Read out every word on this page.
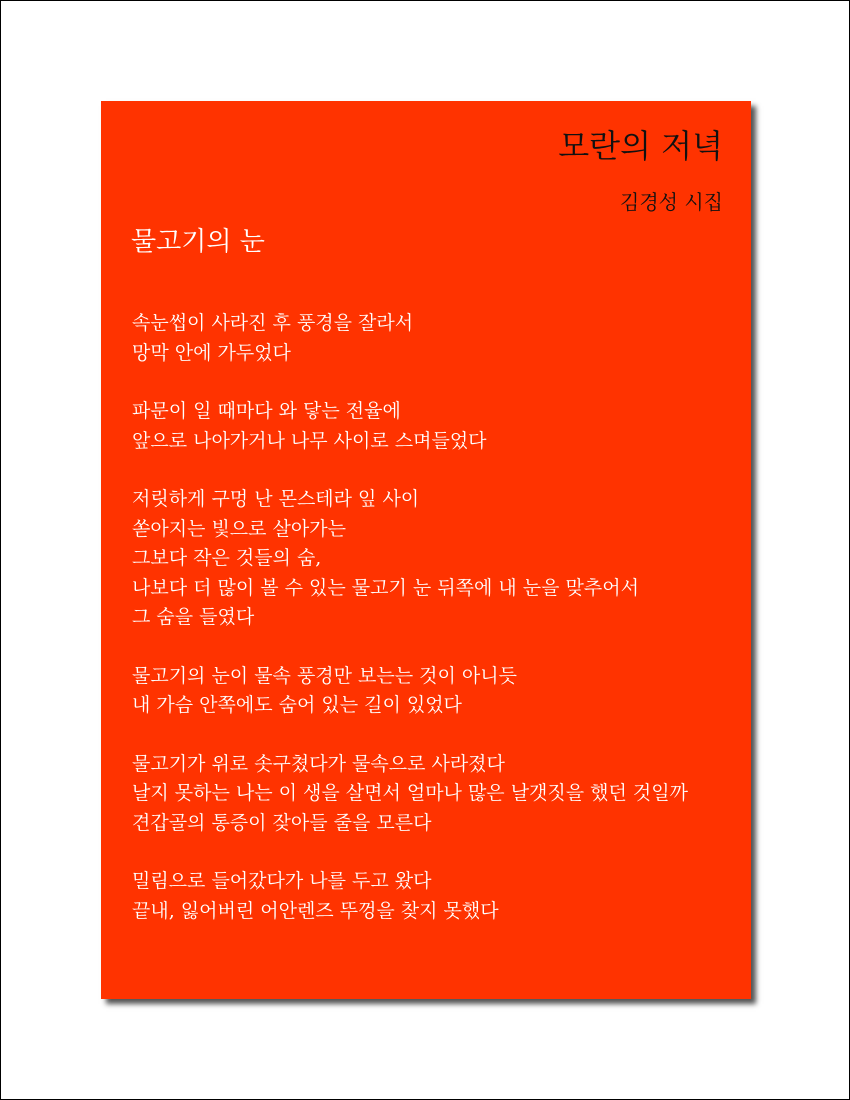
모란의 저녁
김경성 시집
물고기의 눈
속눈썹이 사라진 후 풍경을 잘라서
망막 안에 가두었다
파문이 일 때마다 와 닿는 전율에
앞으로 나아가거나 나무 사이로 스며들었다
저릿하게 구멍 난 몬스테라 잎 사이
쏟아지는 빛으로 살아가는
그보다 작은 것들의 숨,
나보다 더 많이 볼 수 있는 물고기 눈 뒤쪽에 내 눈을 맞추어서
그 숨을 들였다
물고기의 눈이 물속 풍경만 보는는 것이 아니듯
내 가슴 안쪽에도 숨어 있는 길이 있었다
물고기가 위로 솟구쳤다가 물속으로 사라졌다
날지 못하는 나는 이 생을 살면서 얼마나 많은 날갯짓을 했던 것일까
견갑골의 통증이 잦아들 줄을 모른다
밀림으로 들어갔다가 나를 두고 왔다
끝내, 잃어버린 어안렌즈 뚜껑을 찾지 못했다
